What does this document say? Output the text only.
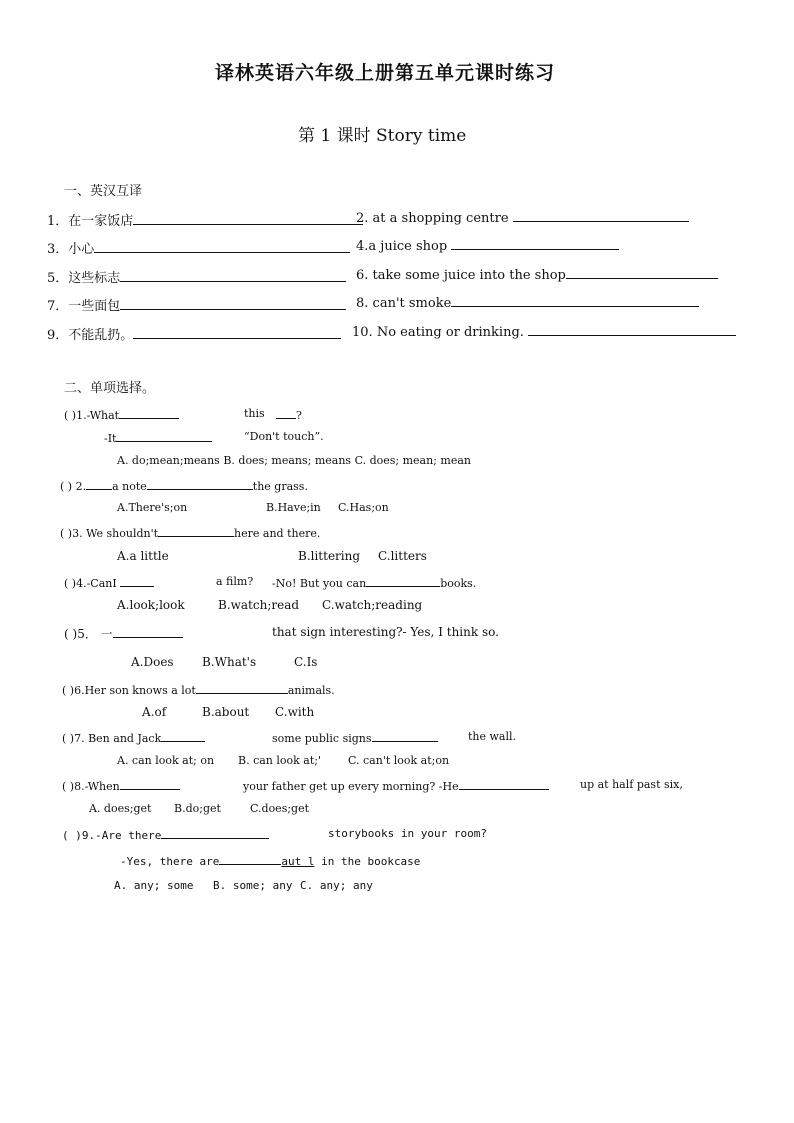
译林英语六年级上册第五单元课时练习
第 1 课时 Story time
一、英汉互译
1．在一家饭店	2. at a shopping centre
3．小心	4.a juice shop
5．这些标志	6. take some juice into the shop
7．一些面包	8. can't smoke
9．不能乱扔。	10. No eating or drinking.
二、单项选择。
( )1.-What	this	?
-It	“Don't touch”.
A. do;mean;means B. does; means; means C. does; mean; mean
( ) 2. a note	the grass.
A.There's;on	B.Have;in C.Has;on
( )3. We shouldn't	here and there.
A.a little	B.littering C.litters
( )4.-CanI	a film? -No! But you can	books.
A.look;look	B.watch;read C.watch;reading
( )5． 一	that sign interesting?- Yes, I think so.
A.Does B.What's	C.Is
( )6.Her son knows a lot	animals.
A.of	B.about C.with
( )7. Ben and Jack	some public signs	the wall.
A. can look at; on B. can look at;' C. can't look at;on
( )8.-When	your father get up every morning? -He	up at half past six,
A. does;get B.do;get	C.does;get
( )9.-Are there	storybooks in your room?
-Yes, there are	aut l in the bookcase
A. any; some B. some; any C. any; any
